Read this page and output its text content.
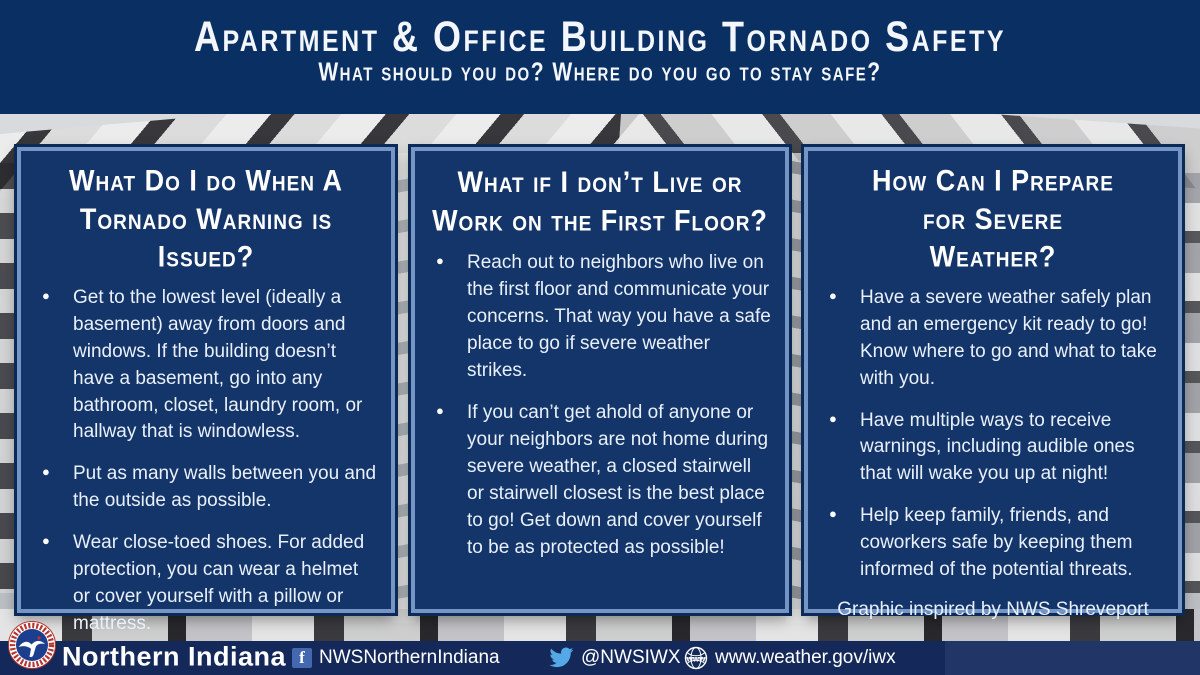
Apartment & Office Building Tornado Safety
What should you do? Where do you go to stay safe?
What Do I do When A Tornado Warning is Issued?
● Get to the lowest level (ideally a basement) away from doors and windows. If the building doesn’t have a basement, go into any bathroom, closet, laundry room, or hallway that is windowless.
● Put as many walls between you and the outside as possible.
● Wear close-toed shoes. For added protection, you can wear a helmet or cover yourself with a pillow or mattress.
What if I don’t Live or Work on the First Floor?
● Reach out to neighbors who live on the first floor and communicate your concerns. That way you have a safe place to go if severe weather strikes.
● If you can’t get ahold of anyone or your neighbors are not home during severe weather, a closed stairwell or stairwell closest is the best place to go! Get down and cover yourself to be as protected as possible!
How Can I Prepare for Severe Weather?
● Have a severe weather safely plan and an emergency kit ready to go! Know where to go and what to take with you.
● Have multiple ways to receive warnings, including audible ones that will wake you up at night!
● Help keep family, friends, and coworkers safe by keeping them informed of the potential threats.
Graphic inspired by NWS Shreveport
Northern Indiana f NWSNorthernIndiana	@NWSIWX www www.weather.gov/iwx
